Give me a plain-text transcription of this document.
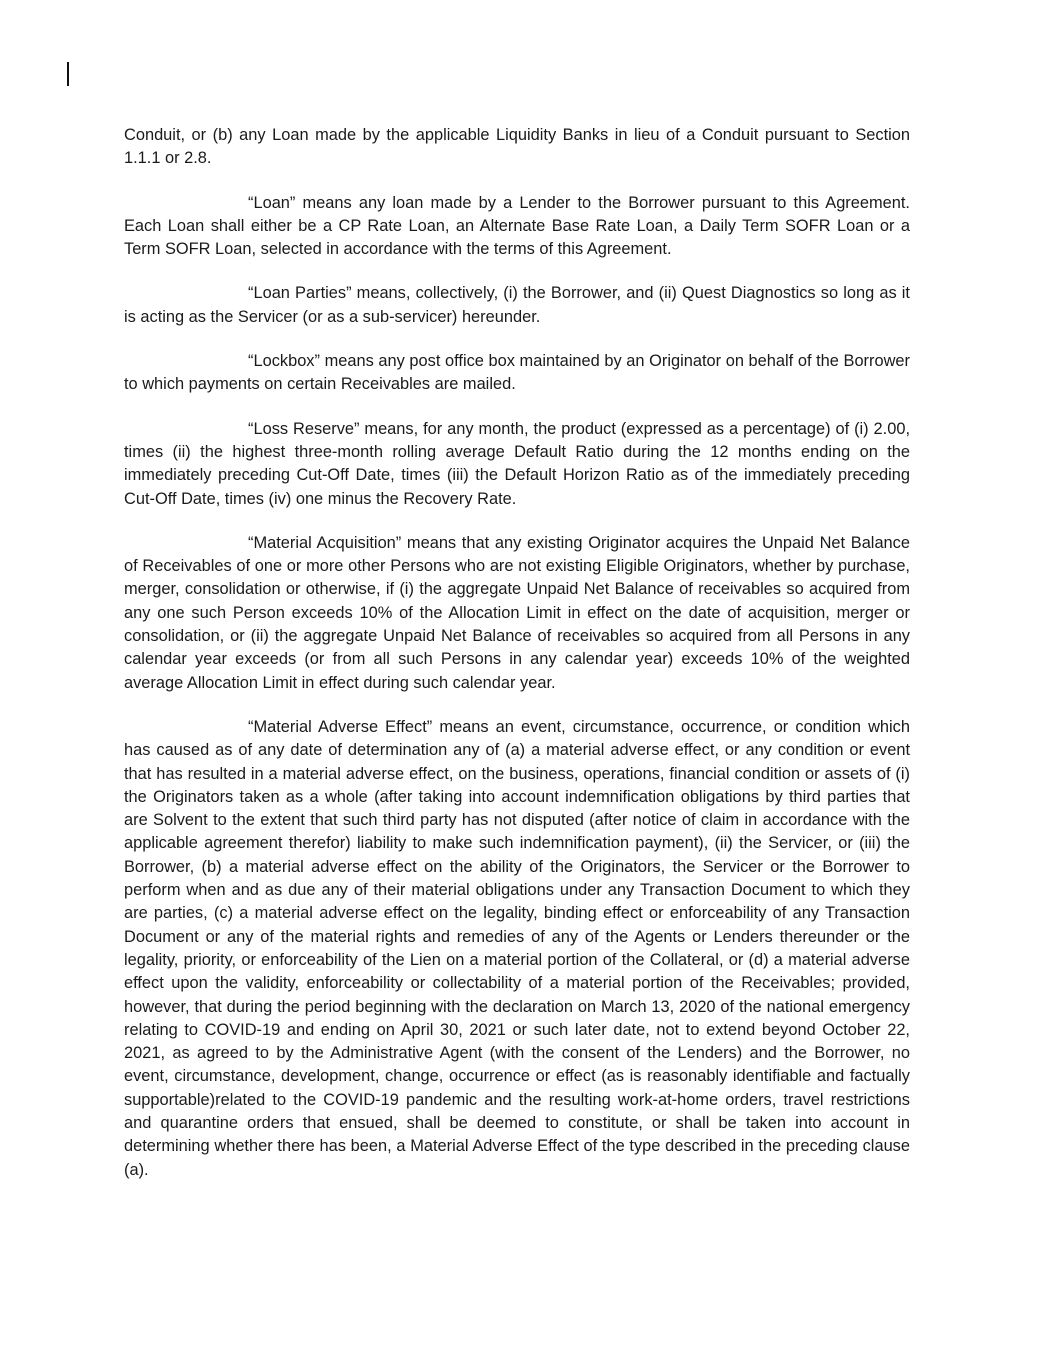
Conduit, or (b) any Loan made by the applicable Liquidity Banks in lieu of a Conduit pursuant to Section 1.1.1 or 2.8.

“Loan” means any loan made by a Lender to the Borrower pursuant to this Agreement. Each Loan shall either be a CP Rate Loan, an Alternate Base Rate Loan, a Daily Term SOFR Loan or a Term SOFR Loan, selected in accordance with the terms of this Agreement.

“Loan Parties” means, collectively, (i) the Borrower, and (ii) Quest Diagnostics so long as it is acting as the Servicer (or as a sub-servicer) hereunder.

“Lockbox” means any post office box maintained by an Originator on behalf of the Borrower to which payments on certain Receivables are mailed.

“Loss Reserve” means, for any month, the product (expressed as a percentage) of (i) 2.00, times (ii) the highest three-month rolling average Default Ratio during the 12 months ending on the immediately preceding Cut-Off Date, times (iii) the Default Horizon Ratio as of the immediately preceding Cut-Off Date, times (iv) one minus the Recovery Rate.

“Material Acquisition” means that any existing Originator acquires the Unpaid Net Balance of Receivables of one or more other Persons who are not existing Eligible Originators, whether by purchase, merger, consolidation or otherwise, if (i) the aggregate Unpaid Net Balance of receivables so acquired from any one such Person exceeds 10% of the Allocation Limit in effect on the date of acquisition, merger or consolidation, or (ii) the aggregate Unpaid Net Balance of receivables so acquired from all Persons in any calendar year exceeds (or from all such Persons in any calendar year) exceeds 10% of the weighted average Allocation Limit in effect during such calendar year.

“Material Adverse Effect” means an event, circumstance, occurrence, or condition which has caused as of any date of determination any of (a) a material adverse effect, or any condition or event that has resulted in a material adverse effect, on the business, operations, financial condition or assets of (i) the Originators taken as a whole (after taking into account indemnification obligations by third parties that are Solvent to the extent that such third party has not disputed (after notice of claim in accordance with the applicable agreement therefor) liability to make such indemnification payment), (ii) the Servicer, or (iii) the Borrower, (b) a material adverse effect on the ability of the Originators, the Servicer or the Borrower to perform when and as due any of their material obligations under any Transaction Document to which they are parties, (c) a material adverse effect on the legality, binding effect or enforceability of any Transaction Document or any of the material rights and remedies of any of the Agents or Lenders thereunder or the legality, priority, or enforceability of the Lien on a material portion of the Collateral, or (d) a material adverse effect upon the validity, enforceability or collectability of a material portion of the Receivables; provided, however, that during the period beginning with the declaration on March 13, 2020 of the national emergency relating to COVID-19 and ending on April 30, 2021 or such later date, not to extend beyond October 22, 2021, as agreed to by the Administrative Agent (with the consent of the Lenders) and the Borrower, no event, circumstance, development, change, occurrence or effect (as is reasonably identifiable and factually supportable)related to the COVID-19 pandemic and the resulting work-at-home orders, travel restrictions and quarantine orders that ensued, shall be deemed to constitute, or shall be taken into account in determining whether there has been, a Material Adverse Effect of the type described in the preceding clause (a).
